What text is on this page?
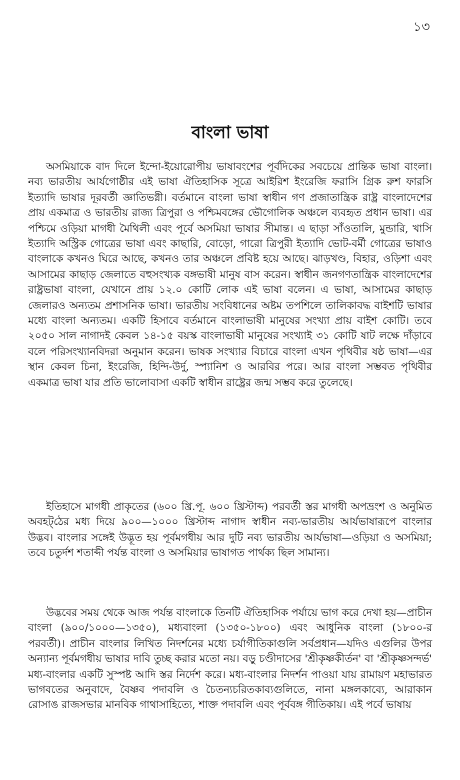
১৩
বাংলা ভাষা

অসমিয়াকে বাদ দিলে ইন্দো-ইয়োরোপীয় ভাষাবংশের পূর্বদিকের সবচেয়ে প্রান্তিক ভাষা বাংলা। নব্য ভারতীয় আর্যগোষ্ঠীর এই ভাষা ঐতিহাসিক সূত্রে আইরিশ ইংরেজি ফরাসি গ্রিক রুশ ফারসি ইত্যাদি ভাষার দূরবর্তী জ্ঞাতিভগ্নী। বর্তমানে বাংলা ভাষা স্বাধীন গণ প্রজাতান্ত্রিক রাষ্ট্র বাংলাদেশের প্রায় একমাত্র ও ভারতীয় রাজ্য ত্রিপুরা ও পশ্চিমবঙ্গের ভৌগোলিক অঞ্চলে ব্যবহৃত প্রধান ভাষা। এর পশ্চিমে ওড়িয়া মাগধী মৈথিলী এবং পূর্বে অসমিয়া ভাষার সীমান্ত। এ ছাড়া সাঁওতালি, মুন্ডারি, খাসি ইত্যাদি অস্ট্রিক গোত্রের ভাষা এবং কাছারি, বোড়ো, গারো ত্রিপুরী ইত্যাদি ভোট-বর্মী গোত্রের ভাষাও বাংলাকে কখনও ঘিরে আছে, কখনও তার অঞ্চলে প্রবিষ্ট হয়ে আছে। ঝাড়খণ্ড, বিহার, ওড়িশা এবং আসামের কাছাড় জেলাতে বহুসংখ্যক বঙ্গভাষী মানুষ বাস করেন। স্বাধীন জনগণতান্ত্রিক বাংলাদেশের রাষ্ট্রভাষা বাংলা, যেখানে প্রায় ১২.০ কোটি লোক এই ভাষা বলেন। এ ভাষা, আসামের কাছাড় জেলারও অন্যতম প্রশাসনিক ভাষা। ভারতীয় সংবিধানের অষ্টম তপশিলে তালিকাবদ্ধ বাইশটি ভাষার মধ্যে বাংলা অন্যতম। একটি হিসাবে বর্তমানে বাংলাভাষী মানুষের সংখ্যা প্রায় বাইশ কোটি। তবে ২০৫০ সাল নাগাদই কেবল ১৪-১৫ বয়স্ক বাংলাভাষী মানুষের সংখ্যাই ৩১ কোটি ষাট লক্ষে দাঁড়াবে বলে পরিসংখ্যানবিদরা অনুমান করেন। ভাষক সংখ্যার বিচারে বাংলা এখন পৃথিবীর ষষ্ঠ ভাষা—এর স্থান কেবল চিনা, ইংরেজি, হিন্দি-উর্দু, স্প্যানিশ ও আরবির পরে। আর বাংলা সম্ভবত পৃথিবীর একমাত্র ভাষা যার প্রতি ভালোবাসা একটি স্বাধীন রাষ্ট্রের জন্ম সম্ভব করে তুলেছে।

ইতিহাসে মাগধী প্রাকৃতের (৬০০ খ্রি.পূ. ৬০০ খ্রিস্টাব্দ) পরবর্তী স্তর মাগধী অপভ্রংশ ও অনুমিত অবহট্‌ঠের মধ্য দিয়ে ৯০০—১০০০ খ্রিস্টাব্দ নাগাদ স্বাধীন নব্য-ভারতীয় আর্যভাষারূপে বাংলার উদ্ভব। বাংলার সঙ্গেই উদ্ভূত হয় পূর্বমগধীয় আর দুটি নব্য ভারতীয় আর্যভাষা—ওড়িয়া ও অসমিয়া; তবে চতুর্দশ শতাব্দী পর্যন্ত বাংলা ও অসমিয়ার ভাষাগত পার্থক্য ছিল সামান্য।

উদ্ভবের সময় থেকে আজ পর্যন্ত বাংলাকে তিনটি ঐতিহাসিক পর্যায়ে ভাগ করে দেখা হয়—প্রাচীন বাংলা (৯০০/১০০০—১৩৫০), মধ্যবাংলা (১৩৫০-১৮০০) এবং আধুনিক বাংলা (১৮০০-র পরবর্তী)। প্রাচীন বাংলার লিখিত নিদর্শনের মধ্যে চর্যাগীতিকাগুলি সর্বপ্রধান—যদিও এগুলির উপর অন্যান্য পূর্বমগধীয় ভাষার দাবি তুচ্ছ করার মতো নয়। বড়ু চণ্ডীদাসের 'শ্রীকৃষ্ণকীর্তন' বা 'শ্রীকৃষ্ণসন্দর্ভ' মধ্য-বাংলার একটি সুস্পষ্ট আদি স্তর নির্দেশ করে। মধ্য-বাংলার নিদর্শন পাওয়া যায় রামায়ণ মহাভারত ভাগবতের অনুবাদে, বৈষ্ণব পদাবলি ও চৈতন্যচরিতকাব্যগুলিতে, নানা মঙ্গলকাব্যে, আরাকান রোসাঙ রাজসভার মানবিক গাথাসাহিত্যে, শাক্ত পদাবলি এবং পূর্ববঙ্গ গীতিকায়। এই পর্বে ভাষায়
